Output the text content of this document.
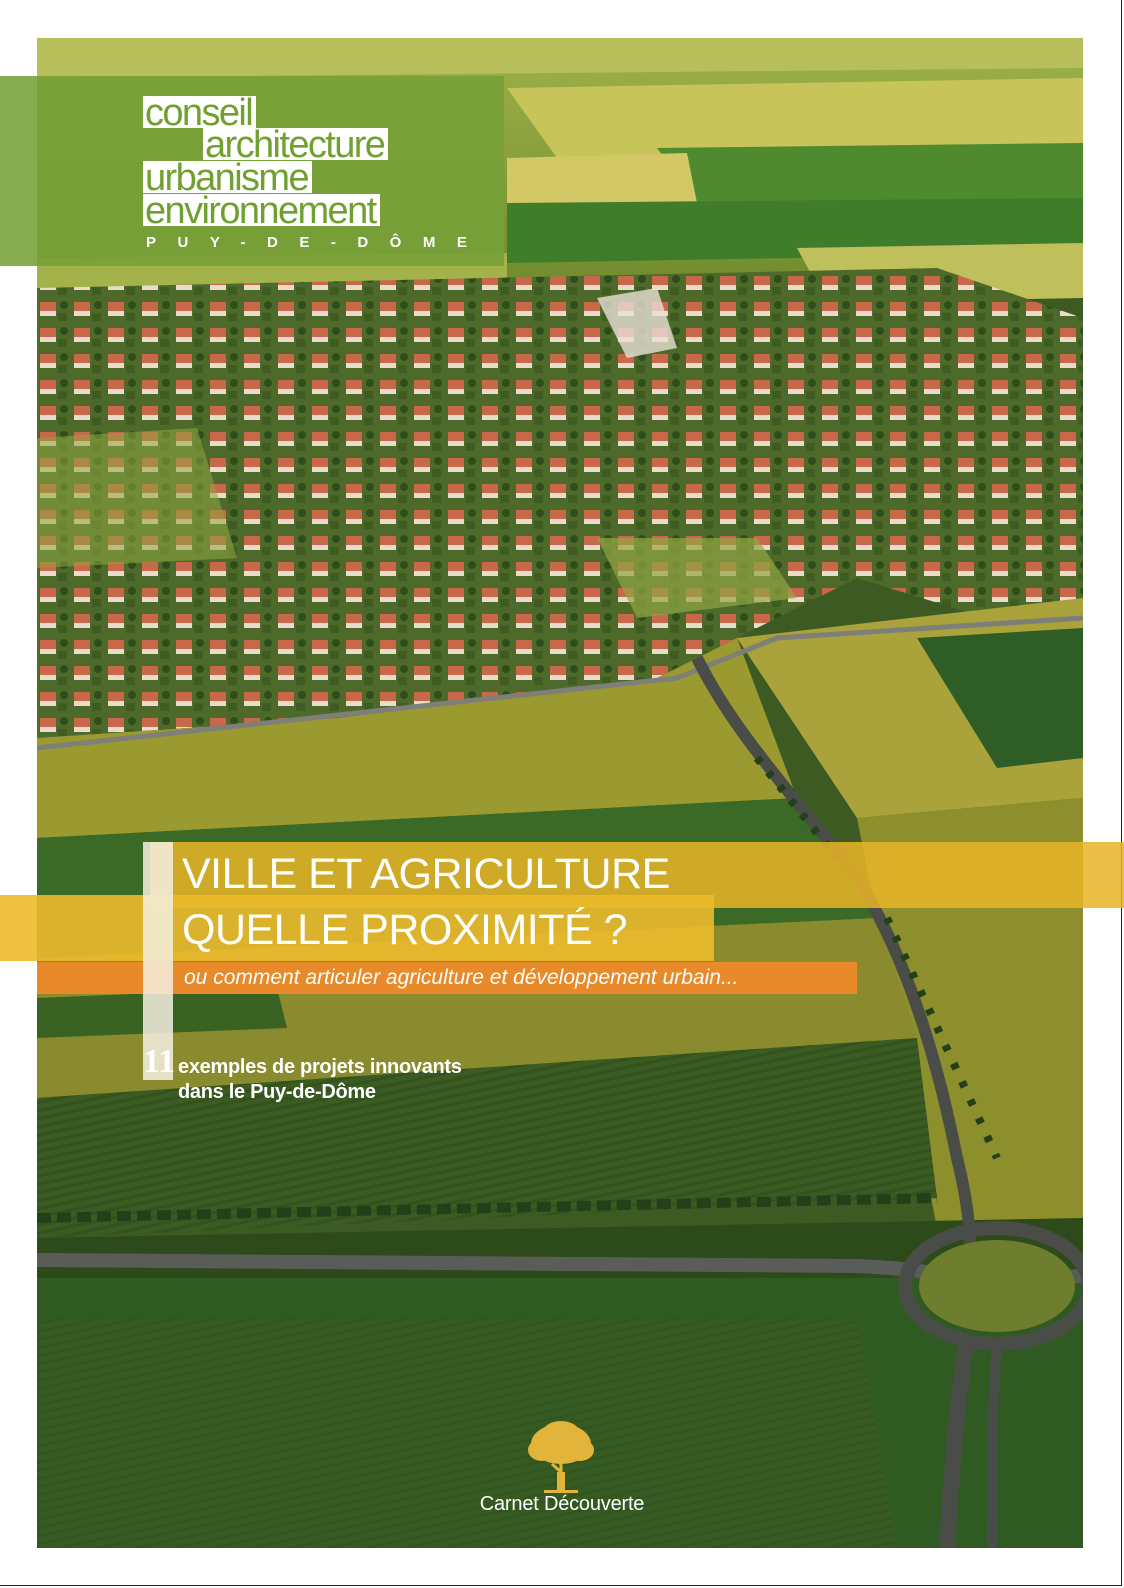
conseil
architecture
urbanisme
environnement
PUY-DE-DÔME
VILLE ET AGRICULTURE
QUELLE PROXIMITÉ ?
ou comment articuler agriculture et développement urbain...
11 exemples de projets innovants
dans le Puy-de-Dôme
Carnet Découverte
